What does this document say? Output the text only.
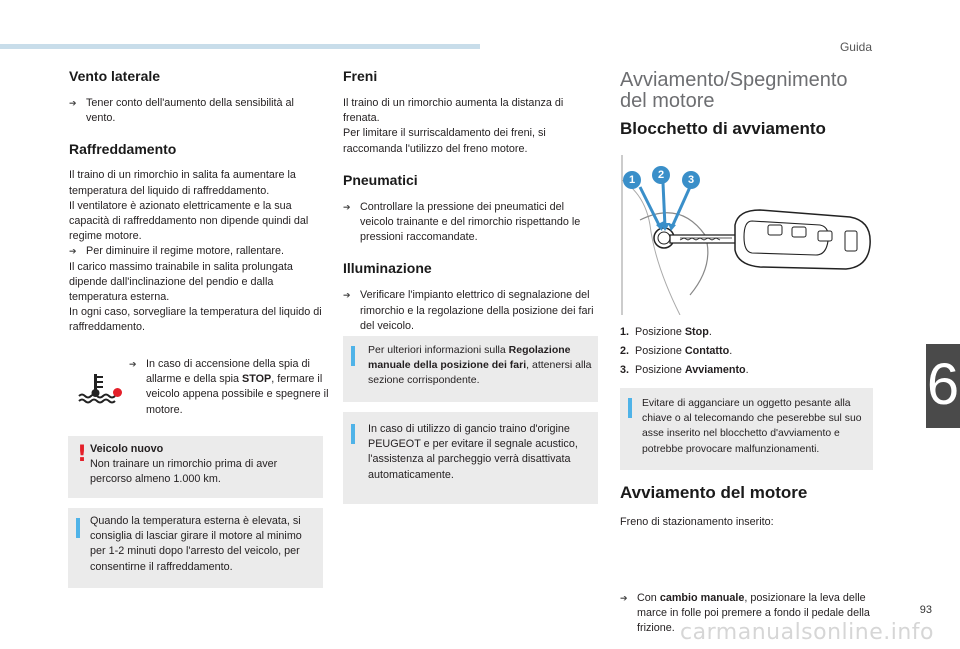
Guida
Vento laterale

➔ Tener conto dell'aumento della sensibilità al vento.

Raffreddamento

Il traino di un rimorchio in salita fa aumentare la temperatura del liquido di raffreddamento.

Il ventilatore è azionato elettricamente e la sua capacità di raffreddamento non dipende quindi dal regime motore.

➔ Per diminuire il regime motore, rallentare.

Il carico massimo trainabile in salita prolungata dipende dall'inclinazione del pendio e dalla temperatura esterna.

In ogni caso, sorvegliare la temperatura del liquido di raffreddamento.

➔ In caso di accensione della spia di allarme e della spia STOP, fermare il veicolo appena possibile e spegnere il motore.

! Veicolo nuovo

Non trainare un rimorchio prima di aver percorso almeno 1.000 km.

Quando la temperatura esterna è elevata, si consiglia di lasciar girare il motore al minimo per 1-2 minuti dopo l'arresto del veicolo, per consentirne il raffreddamento.

Freni

Il traino di un rimorchio aumenta la distanza di frenata.

Per limitare il surriscaldamento dei freni, si raccomanda l'utilizzo del freno motore.

Pneumatici

➔ Controllare la pressione dei pneumatici del veicolo trainante e del rimorchio rispettando le pressioni raccomandate.

Illuminazione

➔ Verificare l'impianto elettrico di segnalazione del rimorchio e la regolazione della posizione dei fari del veicolo.

Per ulteriori informazioni sulla Regolazione manuale della posizione dei fari, attenersi alla sezione corrispondente.

In caso di utilizzo di gancio traino d'origine PEUGEOT e per evitare il segnale acustico, l'assistenza al parcheggio verrà disattivata automaticamente.

Avviamento/Spegnimento
del motore
Blocchetto di avviamento
1	2	3
1. Posizione Stop.
2. Posizione Contatto.
3. Posizione Avviamento.

Evitare di agganciare un oggetto pesante alla chiave o al telecomando che peserebbe sul suo asse inserito nel blocchetto d'avviamento e potrebbe provocare malfunzionamenti.

Avviamento del motore

Freno di stazionamento inserito:

➔ Con cambio manuale, posizionare la leva delle marce in folle poi premere a fondo il pedale della frizione.

6
93
carmanualsonline.info
